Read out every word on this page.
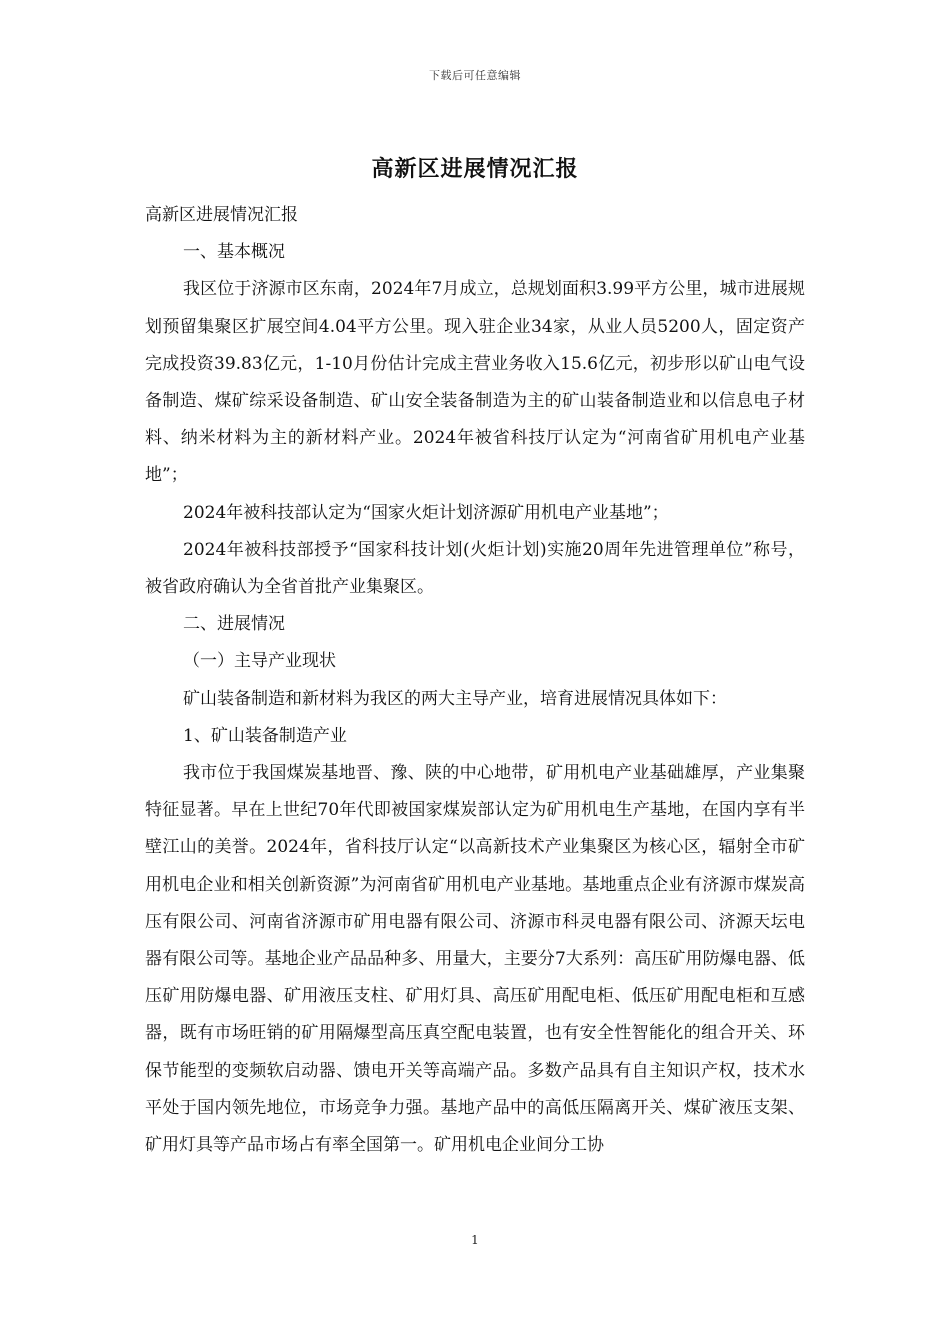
下载后可任意编辑
高新区进展情况汇报

高新区进展情况汇报

一、基本概况

我区位于济源市区东南，2024年7月成立，总规划面积3.99平方公里，城市进展规划预留集聚区扩展空间4.04平方公里。现入驻企业34家，从业人员5200人，固定资产完成投资39.83亿元，1-10月份估计完成主营业务收入15.6亿元，初步形以矿山电气设备制造、煤矿综采设备制造、矿山安全装备制造为主的矿山装备制造业和以信息电子材料、纳米材料为主的新材料产业。2024年被省科技厅认定为“河南省矿用机电产业基地”；

2024年被科技部认定为“国家火炬计划济源矿用机电产业基地”；

2024年被科技部授予“国家科技计划(火炬计划)实施20周年先进管理单位”称号，被省政府确认为全省首批产业集聚区。

二、进展情况

（一）主导产业现状

矿山装备制造和新材料为我区的两大主导产业，培育进展情况具体如下：

1、矿山装备制造产业

我市位于我国煤炭基地晋、豫、陕的中心地带，矿用机电产业基础雄厚，产业集聚特征显著。早在上世纪70年代即被国家煤炭部认定为矿用机电生产基地，在国内享有半壁江山的美誉。2024年，省科技厅认定“以高新技术产业集聚区为核心区，辐射全市矿用机电企业和相关创新资源”为河南省矿用机电产业基地。基地重点企业有济源市煤炭高压有限公司、河南省济源市矿用电器有限公司、济源市科灵电器有限公司、济源天坛电器有限公司等。基地企业产品品种多、用量大，主要分7大系列：高压矿用防爆电器、低压矿用防爆电器、矿用液压支柱、矿用灯具、高压矿用配电柜、低压矿用配电柜和互感器，既有市场旺销的矿用隔爆型高压真空配电装置，也有安全性智能化的组合开关、环保节能型的变频软启动器、馈电开关等高端产品。多数产品具有自主知识产权，技术水平处于国内领先地位，市场竞争力强。基地产品中的高低压隔离开关、煤矿液压支架、矿用灯具等产品市场占有率全国第一。矿用机电企业间分工协

1
